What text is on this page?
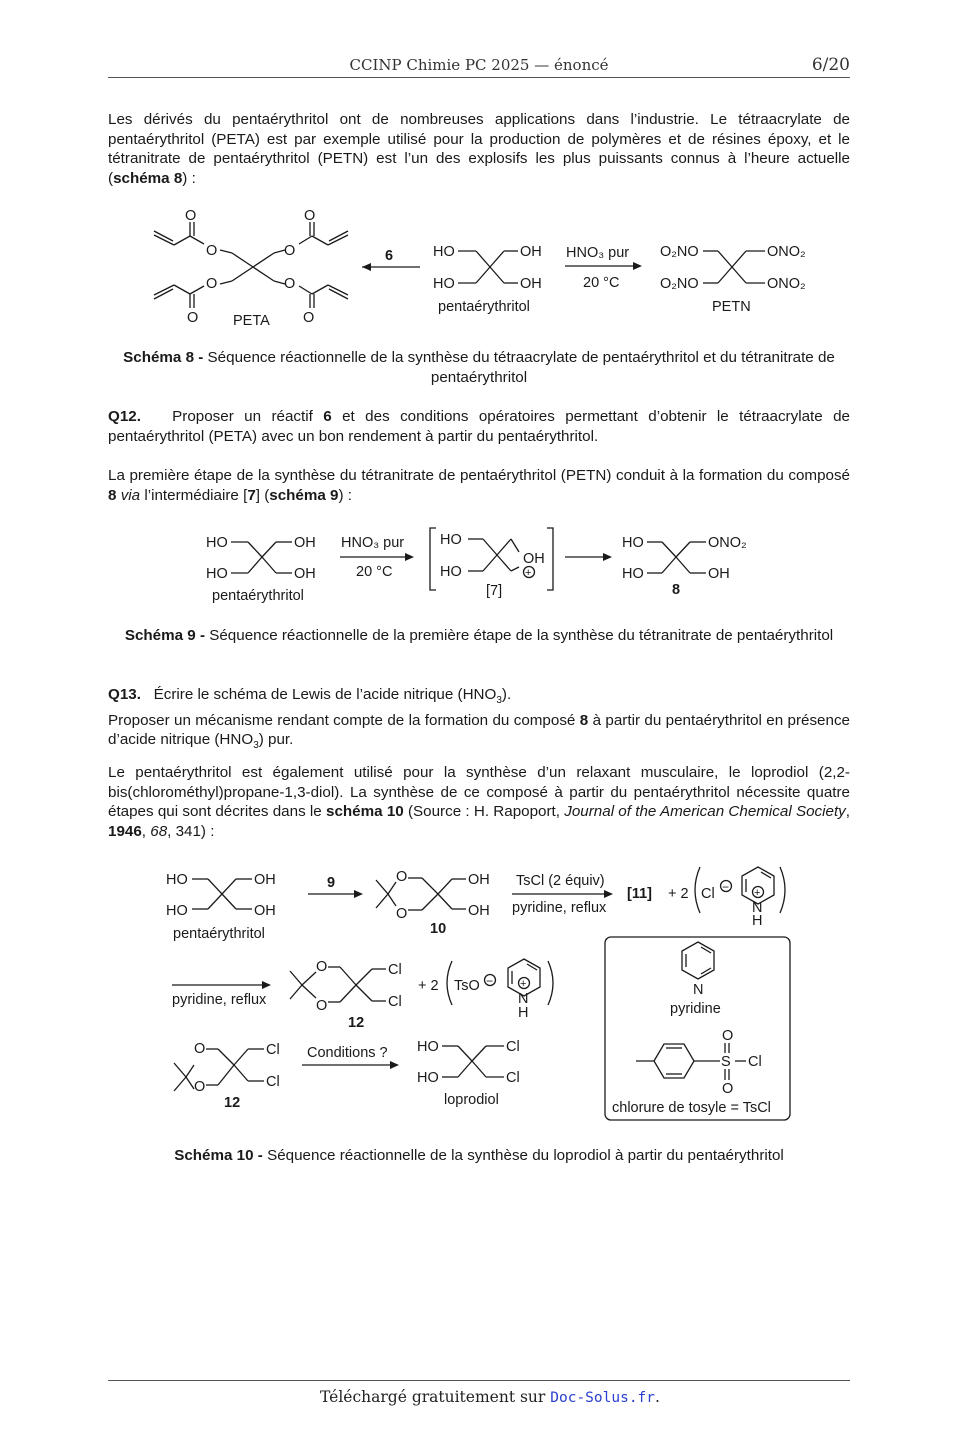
CCINP Chimie PC 2025 — énoncé	6/20
Les dérivés du pentaérythritol ont de nombreuses applications dans l’industrie. Le tétraacrylate de pentaérythritol (PETA) est par exemple utilisé pour la production de polymères et de résines époxy, et le tétranitrate de pentaérythritol (PETN) est l’un des explosifs les plus puissants connus à l’heure actuelle (schéma 8) :
O	O
O	O
O	O
O	O
PETA
6	HO	OH
HO	OH
pentaérythritol
HNO₃ pur
20 °C
O₂NO	ONO₂
O₂NO	ONO₂
PETN
Schéma 8 - Séquence réactionnelle de la synthèse du tétraacrylate de pentaérythritol et du tétranitrate de pentaérythritol
Q12. Proposer un réactif 6 et des conditions opératoires permettant d’obtenir le tétraacrylate de pentaérythritol (PETA) avec un bon rendement à partir du pentaérythritol.
La première étape de la synthèse du tétranitrate de pentaérythritol (PETN) conduit à la formation du composé 8 via l’intermédiaire [7] (schéma 9) :
HO	OH
HO	OH
pentaérythritol
HNO₃ pur
20 °C
HO
HO
OH
+
[7]
HO	ONO₂
HO	OH
8
Schéma 9 - Séquence réactionnelle de la première étape de la synthèse du tétranitrate de pentaérythritol
Q13. Écrire le schéma de Lewis de l’acide nitrique $(HNO_3)$.
Proposer un mécanisme rendant compte de la formation du composé 8 à partir du pentaérythritol en présence d’acide nitrique $(HNO_3)$ pur.
Le pentaérythritol est également utilisé pour la synthèse d’un relaxant musculaire, le loprodiol (2,2-bis(chlorométhyl)propane-1,3-diol). La synthèse de ce composé à partir du pentaérythritol nécessite quatre étapes qui sont décrites dans le schéma 10 (Source : H. Rapoport, Journal of the American Chemical Society, 1946, 68, 341) :
HO	OH
HO	OH
pentaérythritol
9	O
O
OH
OH
10
TsCl (2 équiv)
pyridine, reflux
[11] + 2 Cl −
N
+
H
pyridine, reflux
O
O
Cl
Cl
12
+ 2 TsO −
N
+
H
O
O
Cl
Cl
12
Conditions ? HO	Cl
HO	Cl
loprodiol
N
pyridine
O
S Cl
O
chlorure de tosyle = TsCl
Schéma 10 - Séquence réactionnelle de la synthèse du loprodiol à partir du pentaérythritol
Téléchargé gratuitement sur Doc-Solus.fr.
